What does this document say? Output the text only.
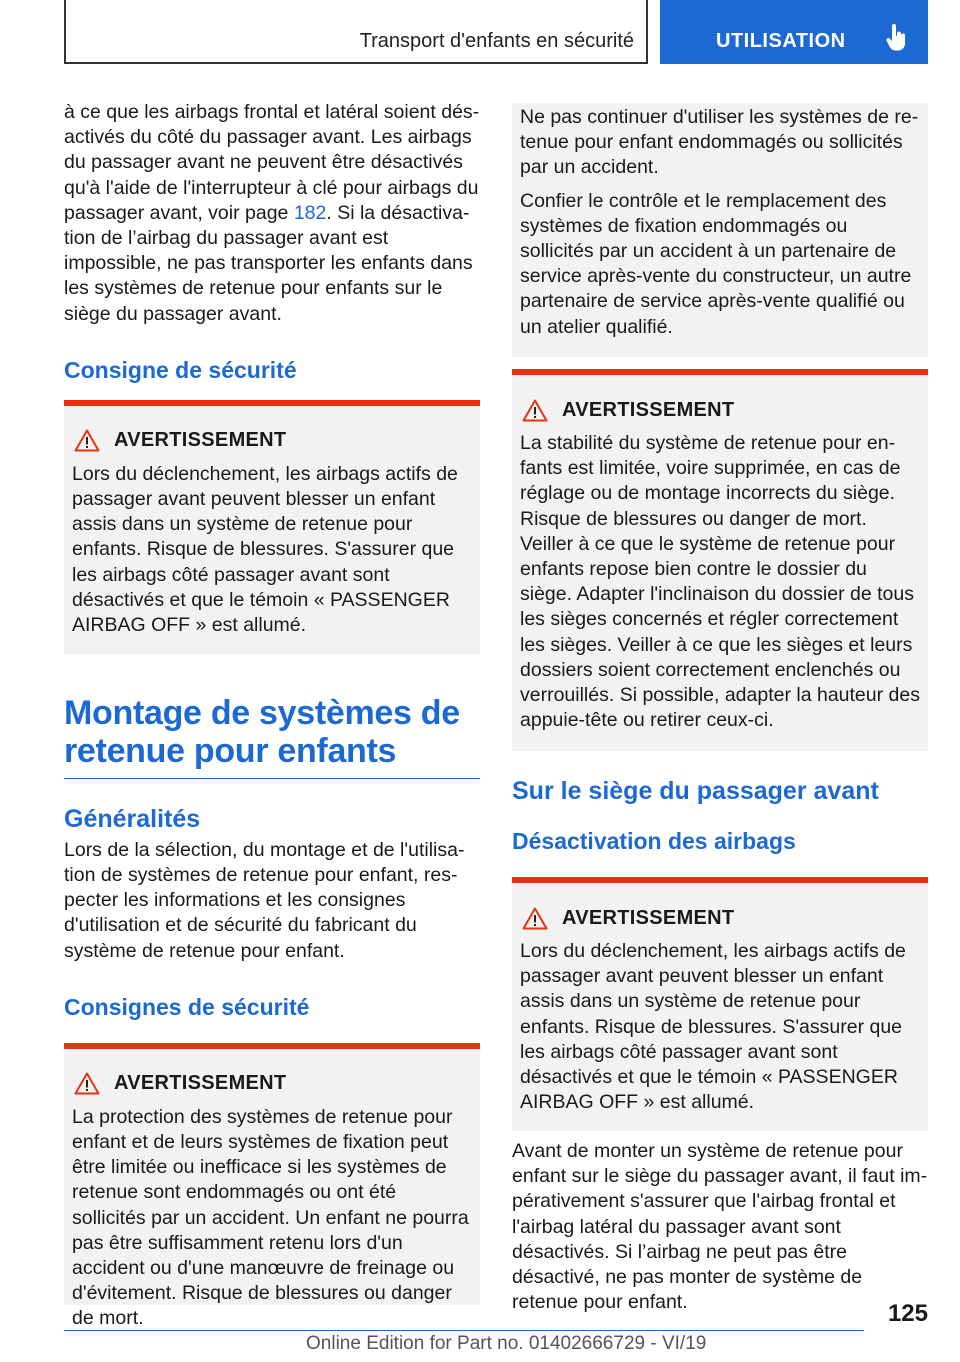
Transport d'enfants en sécurité	UTILISATION

à ce que les airbags frontal et latéral soient désactivés du côté du passager avant. Les airbags du passager avant ne peuvent être désactivés qu'à l'aide de l'interrupteur à clé pour airbags du passager avant, voir page 182. Si la désactivation de l’airbag du passager avant est impossible, ne pas transporter les enfants dans les systèmes de retenue pour enfants sur le siège du passager avant.

Consigne de sécurité
AVERTISSEMENT

Lors du déclenchement, les airbags actifs de passager avant peuvent blesser un enfant assis dans un système de retenue pour enfants. Risque de blessures. S'assurer que les airbags côté passager avant sont désactivés et que le témoin « PASSENGER AIRBAG OFF » est allumé.

Montage de systèmes de retenue pour enfants
Généralités

Lors de la sélection, du montage et de l'utilisation de systèmes de retenue pour enfant, respecter les informations et les consignes d'utilisation et de sécurité du fabricant du système de retenue pour enfant.

Consignes de sécurité
AVERTISSEMENT

La protection des systèmes de retenue pour enfant et de leurs systèmes de fixation peut être limitée ou inefficace si les systèmes de retenue sont endommagés ou ont été sollicités par un accident. Un enfant ne pourra pas être suffisamment retenu lors d'un accident ou d'une manœuvre de freinage ou d'évitement. Risque de blessures ou danger de mort.

Ne pas continuer d'utiliser les systèmes de retenue pour enfant endommagés ou sollicités par un accident.

Confier le contrôle et le remplacement des systèmes de fixation endommagés ou sollicités par un accident à un partenaire de service après-vente du constructeur, un autre partenaire de service après-vente qualifié ou un atelier qualifié.

AVERTISSEMENT

La stabilité du système de retenue pour enfants est limitée, voire supprimée, en cas de réglage ou de montage incorrects du siège. Risque de blessures ou danger de mort. Veiller à ce que le système de retenue pour enfants repose bien contre le dossier du siège. Adapter l'inclinaison du dossier de tous les sièges concernés et régler correctement les sièges. Veiller à ce que les sièges et leurs dossiers soient correctement enclenchés ou verrouillés. Si possible, adapter la hauteur des appuie-tête ou retirer ceux-ci.

Sur le siège du passager avant
Désactivation des airbags
AVERTISSEMENT

Lors du déclenchement, les airbags actifs de passager avant peuvent blesser un enfant assis dans un système de retenue pour enfants. Risque de blessures. S'assurer que les airbags côté passager avant sont désactivés et que le témoin « PASSENGER AIRBAG OFF » est allumé.

Avant de monter un système de retenue pour enfant sur le siège du passager avant, il faut impérativement s'assurer que l'airbag frontal et l'airbag latéral du passager avant sont désactivés. Si l’airbag ne peut pas être désactivé, ne pas monter de système de retenue pour enfant.	125
Online Edition for Part no. 01402666729 - VI/19
